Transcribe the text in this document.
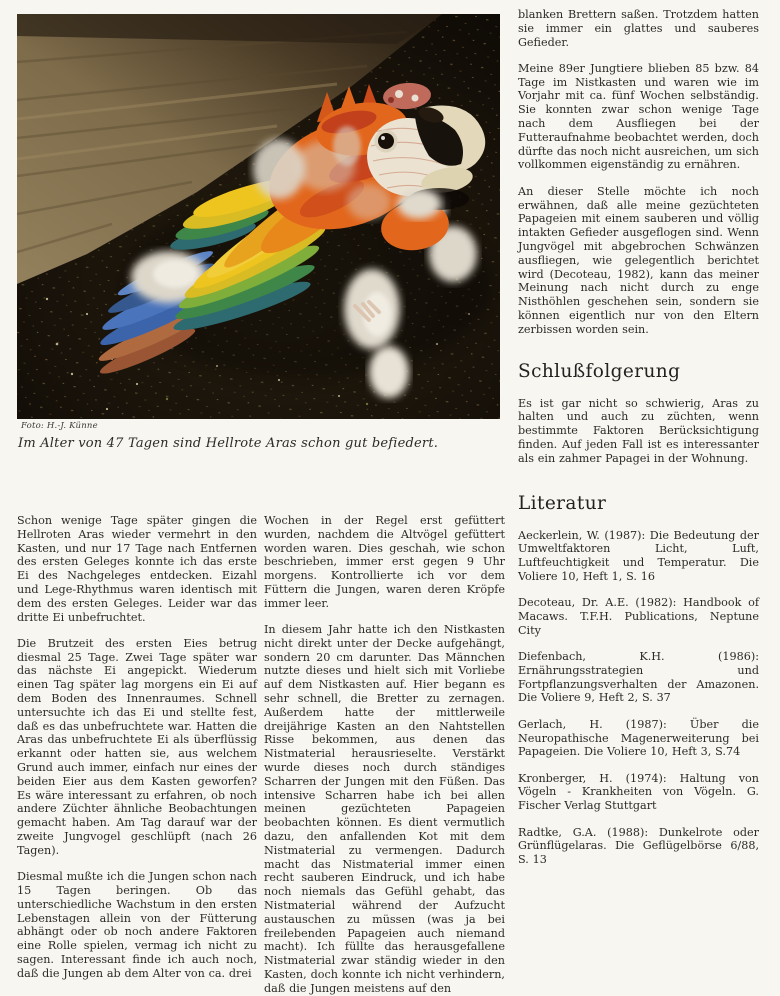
Foto: H.-J. Künne
Im Alter von 47 Tagen sind Hellrote Aras schon gut befiedert.

Schon wenige Tage später gingen die Hellroten Aras wieder vermehrt in den Kasten, und nur 17 Tage nach Entfernen des ersten Geleges konnte ich das erste Ei des Nachgeleges entdecken. Eizahl und Lege-Rhythmus waren identisch mit dem des ersten Geleges. Leider war das dritte Ei unbefruchtet.

Die Brutzeit des ersten Eies betrug diesmal 25 Tage. Zwei Tage später war das nächste Ei angepickt. Wiederum einen Tag später lag morgens ein Ei auf dem Boden des Innenraumes. Schnell untersuchte ich das Ei und stellte fest, daß es das unbefruchtete war. Hatten die Aras das unbefruchtete Ei als überflüssig erkannt oder hatten sie, aus welchem Grund auch immer, einfach nur eines der beiden Eier aus dem Kasten geworfen? Es wäre interessant zu erfahren, ob noch andere Züchter ähnliche Beobachtungen gemacht haben. Am Tag darauf war der zweite Jungvogel geschlüpft (nach 26 Tagen).

Diesmal mußte ich die Jungen schon nach 15 Tagen beringen. Ob das unterschiedliche Wachstum in den ersten Lebenstagen allein von der Fütterung abhängt oder ob noch andere Faktoren eine Rolle spielen, vermag ich nicht zu sagen. Interessant finde ich auch noch, daß die Jungen ab dem Alter von ca. drei

Wochen in der Regel erst gefüttert wurden, nachdem die Altvögel gefüttert worden waren. Dies geschah, wie schon beschrieben, immer erst gegen 9 Uhr morgens. Kontrollierte ich vor dem Füttern die Jungen, waren deren Kröpfe immer leer.

In diesem Jahr hatte ich den Nistkasten nicht direkt unter der Decke aufgehängt, sondern 20 cm darunter. Das Männchen nutzte dieses und hielt sich mit Vorliebe auf dem Nistkasten auf. Hier begann es sehr schnell, die Bretter zu zernagen. Außerdem hatte der mittlerweile dreijährige Kasten an den Nahtstellen Risse bekommen, aus denen das Nistmaterial herausrieselte. Verstärkt wurde dieses noch durch ständiges Scharren der Jungen mit den Füßen. Das intensive Scharren habe ich bei allen meinen gezüchteten Papageien beobachten können. Es dient vermutlich dazu, den anfallenden Kot mit dem Nistmaterial zu vermengen. Dadurch macht das Nistmaterial immer einen recht sauberen Eindruck, und ich habe noch niemals das Gefühl gehabt, das Nistmaterial während der Aufzucht austauschen zu müssen (was ja bei freilebenden Papageien auch niemand macht). Ich füllte das herausgefallene Nistmaterial zwar ständig wieder in den Kasten, doch konnte ich nicht verhindern, daß die Jungen meistens auf den

blanken Brettern saßen. Trotzdem hatten sie immer ein glattes und sauberes Gefieder.

Meine 89er Jungtiere blieben 85 bzw. 84 Tage im Nistkasten und waren wie im Vorjahr mit ca. fünf Wochen selbständig. Sie konnten zwar schon wenige Tage nach dem Ausfliegen bei der Futteraufnahme beobachtet werden, doch dürfte das noch nicht ausreichen, um sich vollkommen eigenständig zu ernähren.

An dieser Stelle möchte ich noch erwähnen, daß alle meine gezüchteten Papageien mit einem sauberen und völlig intakten Gefieder ausgeflogen sind. Wenn Jungvögel mit abgebrochen Schwänzen ausfliegen, wie gelegentlich berichtet wird (Decoteau, 1982), kann das meiner Meinung nach nicht durch zu enge Nisthöhlen geschehen sein, sondern sie können eigentlich nur von den Eltern zerbissen worden sein.

Schlußfolgerung

Es ist gar nicht so schwierig, Aras zu halten und auch zu züchten, wenn bestimmte Faktoren Berücksichtigung finden. Auf jeden Fall ist es interessanter als ein zahmer Papagei in der Wohnung.

Literatur

Aeckerlein, W. (1987): Die Bedeutung der Umweltfaktoren Licht, Luft, Luftfeuchtigkeit und Temperatur. Die Voliere 10, Heft 1, S. 16

Decoteau, Dr. A.E. (1982): Handbook of Macaws. T.F.H. Publications, Neptune City

Diefenbach, K.H. (1986): Ernährungsstrategien und Fortpflanzungsverhalten der Amazonen. Die Voliere 9, Heft 2, S. 37

Gerlach, H. (1987): Über die Neuropathische Magenerweiterung bei Papageien. Die Voliere 10, Heft 3, S.74

Kronberger, H. (1974): Haltung von Vögeln - Krankheiten von Vögeln. G. Fischer Verlag Stuttgart

Radtke, G.A. (1988): Dunkelrote oder Grünflügelaras. Die Geflügelbörse 6/88, S. 13
